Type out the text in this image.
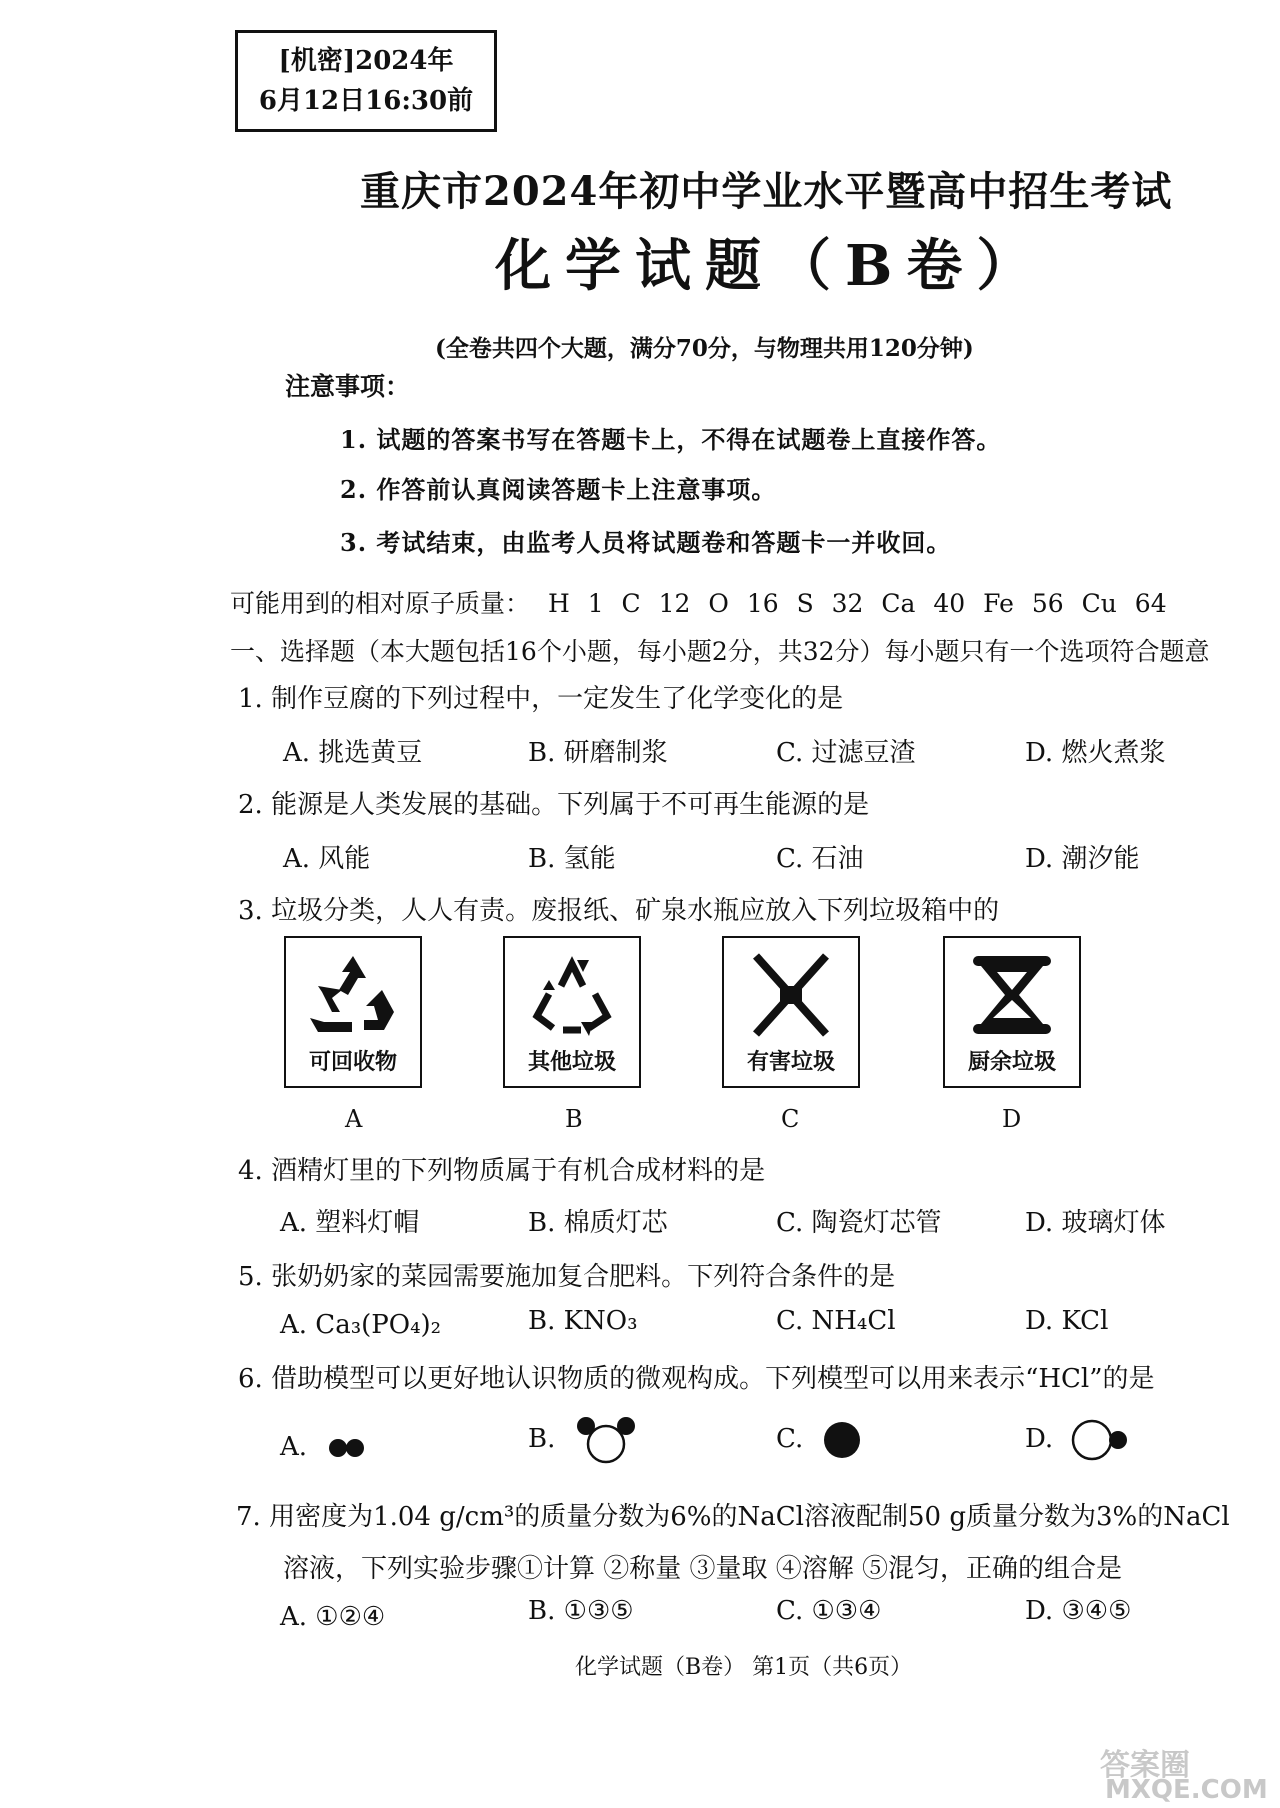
[机密]2024年
6月12日16:30前
重庆市2024年初中学业水平暨高中招生考试
化学试题（B卷）
(全卷共四个大题，满分70分，与物理共用120分钟)
注意事项：
1. 试题的答案书写在答题卡上，不得在试题卷上直接作答。
2. 作答前认真阅读答题卡上注意事项。
3. 考试结束，由监考人员将试题卷和答题卡一并收回。
可能用到的相对原子质量： H 1 C 12 O 16 S 32 Ca 40 Fe 56 Cu 64
一、选择题（本大题包括16个小题，每小题2分，共32分）每小题只有一个选项符合题意
1. 制作豆腐的下列过程中，一定发生了化学变化的是
A. 挑选黄豆	B. 研磨制浆	C. 过滤豆渣	D. 燃火煮浆
2. 能源是人类发展的基础。下列属于不可再生能源的是
A. 风能	B. 氢能	C. 石油	D. 潮汐能
3. 垃圾分类，人人有责。废报纸、矿泉水瓶应放入下列垃圾箱中的
可回收物
A
其他垃圾
B
有害垃圾
C
厨余垃圾
D
4. 酒精灯里的下列物质属于有机合成材料的是
A. 塑料灯帽	B. 棉质灯芯	C. 陶瓷灯芯管	D. 玻璃灯体
5. 张奶奶家的菜园需要施加复合肥料。下列符合条件的是
A. Ca₃(PO₄)₂	B. KNO₃	C. NH₄Cl	D. KCl
6. 借助模型可以更好地认识物质的微观构成。下列模型可以用来表示“HCl”的是
A.	B.	C.	D.
7. 用密度为1.04 g/cm³的质量分数为6%的NaCl溶液配制50 g质量分数为3%的NaCl
溶液，下列实验步骤①计算 ②称量 ③量取 ④溶解 ⑤混匀，正确的组合是
A. ①②④	B. ①③⑤	C. ①③④	D. ③④⑤
化学试题（B卷） 第1页（共6页）
答案圈
MXQE.COM
